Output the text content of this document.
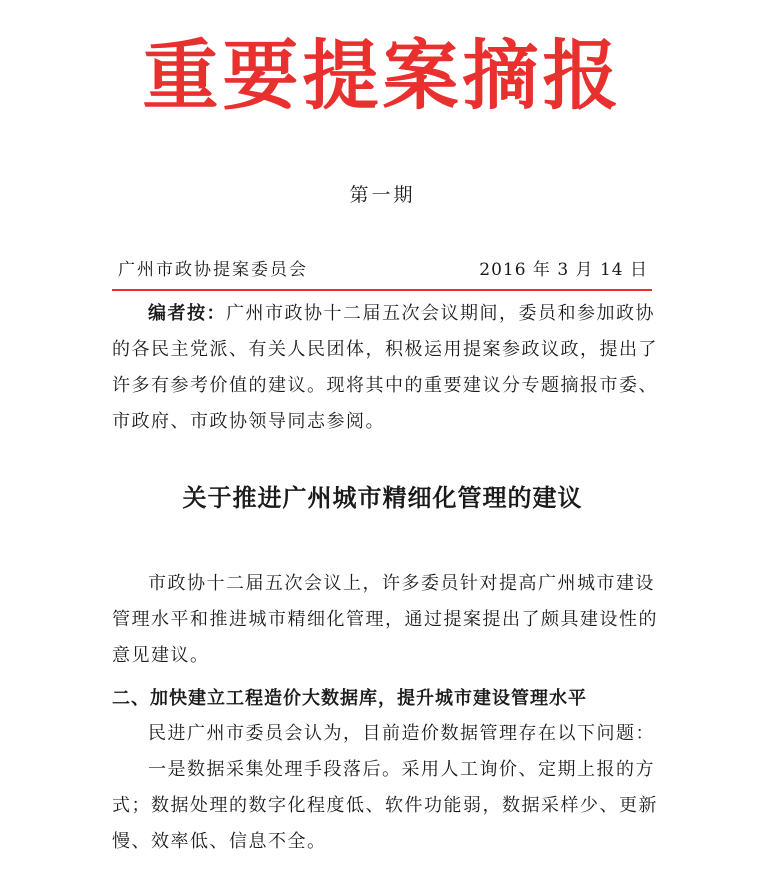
重要提案摘报
第一期
广州市政协提案委员会	2016 年 3 月 14 日
编者按：广州市政协十二届五次会议期间，委员和参加政协
的各民主党派、有关人民团体，积极运用提案参政议政，提出了
许多有参考价值的建议。现将其中的重要建议分专题摘报市委、
市政府、市政协领导同志参阅。
关于推进广州城市精细化管理的建议
市政协十二届五次会议上，许多委员针对提高广州城市建设
管理水平和推进城市精细化管理，通过提案提出了颇具建设性的
意见建议。
二、加快建立工程造价大数据库，提升城市建设管理水平
民进广州市委员会认为，目前造价数据管理存在以下问题：
一是数据采集处理手段落后。采用人工询价、定期上报的方
式；数据处理的数字化程度低、软件功能弱，数据采样少、更新
慢、效率低、信息不全。
